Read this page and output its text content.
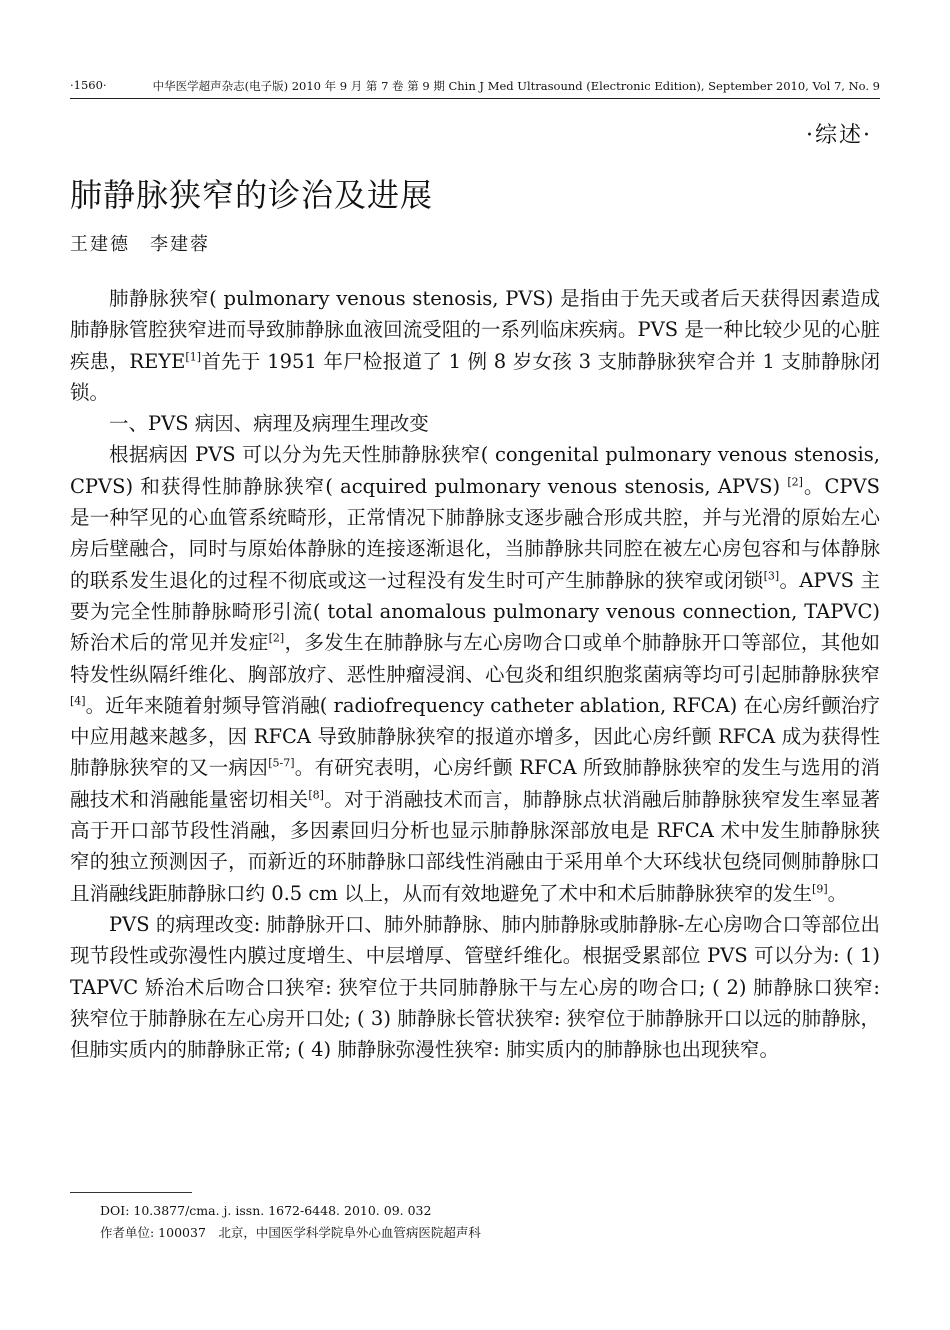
·1560·	中华医学超声杂志(电子版) 2010 年 9 月 第 7 卷 第 9 期 Chin J Med Ultrasound (Electronic Edition), September 2010, Vol 7, No. 9
·综述·
肺静脉狭窄的诊治及进展
王建德　李建蓉

肺静脉狭窄( pulmonary venous stenosis, PVS) 是指由于先天或者后天获得因素造成肺静脉管腔狭窄进而导致肺静脉血液回流受阻的一系列临床疾病。PVS 是一种比较少见的心脏疾患，REYE[1]首先于 1951 年尸检报道了 1 例 8 岁女孩 3 支肺静脉狭窄合并 1 支肺静脉闭锁。

一、PVS 病因、病理及病理生理改变

根据病因 PVS 可以分为先天性肺静脉狭窄( congenital pulmonary venous stenosis, CPVS) 和获得性肺静脉狭窄( acquired pulmonary venous stenosis, APVS) [2]。CPVS 是一种罕见的心血管系统畸形，正常情况下肺静脉支逐步融合形成共腔，并与光滑的原始左心房后壁融合，同时与原始体静脉的连接逐渐退化，当肺静脉共同腔在被左心房包容和与体静脉的联系发生退化的过程不彻底或这一过程没有发生时可产生肺静脉的狭窄或闭锁[3]。APVS 主要为完全性肺静脉畸形引流( total anomalous pulmonary venous connection, TAPVC) 矫治术后的常见并发症[2]，多发生在肺静脉与左心房吻合口或单个肺静脉开口等部位，其他如特发性纵隔纤维化、胸部放疗、恶性肿瘤浸润、心包炎和组织胞浆菌病等均可引起肺静脉狭窄[4]。近年来随着射频导管消融( radiofrequency catheter ablation, RFCA) 在心房纤颤治疗中应用越来越多，因 RFCA 导致肺静脉狭窄的报道亦增多，因此心房纤颤 RFCA 成为获得性肺静脉狭窄的又一病因[5-7]。有研究表明，心房纤颤 RFCA 所致肺静脉狭窄的发生与选用的消融技术和消融能量密切相关[8]。对于消融技术而言，肺静脉点状消融后肺静脉狭窄发生率显著高于开口部节段性消融，多因素回归分析也显示肺静脉深部放电是 RFCA 术中发生肺静脉狭窄的独立预测因子，而新近的环肺静脉口部线性消融由于采用单个大环线状包绕同侧肺静脉口且消融线距肺静脉口约 0.5 cm 以上，从而有效地避免了术中和术后肺静脉狭窄的发生[9]。

PVS 的病理改变: 肺静脉开口、肺外肺静脉、肺内肺静脉或肺静脉-左心房吻合口等部位出现节段性或弥漫性内膜过度增生、中层增厚、管壁纤维化。根据受累部位 PVS 可以分为: ( 1) TAPVC 矫治术后吻合口狭窄: 狭窄位于共同肺静脉干与左心房的吻合口; ( 2) 肺静脉口狭窄: 狭窄位于肺静脉在左心房开口处; ( 3) 肺静脉长管状狭窄: 狭窄位于肺静脉开口以远的肺静脉，但肺实质内的肺静脉正常; ( 4) 肺静脉弥漫性狭窄: 肺实质内的肺静脉也出现狭窄。

DOI: 10.3877/cma. j. issn. 1672-6448. 2010. 09. 032
作者单位: 100037　北京，中国医学科学院阜外心血管病医院超声科
